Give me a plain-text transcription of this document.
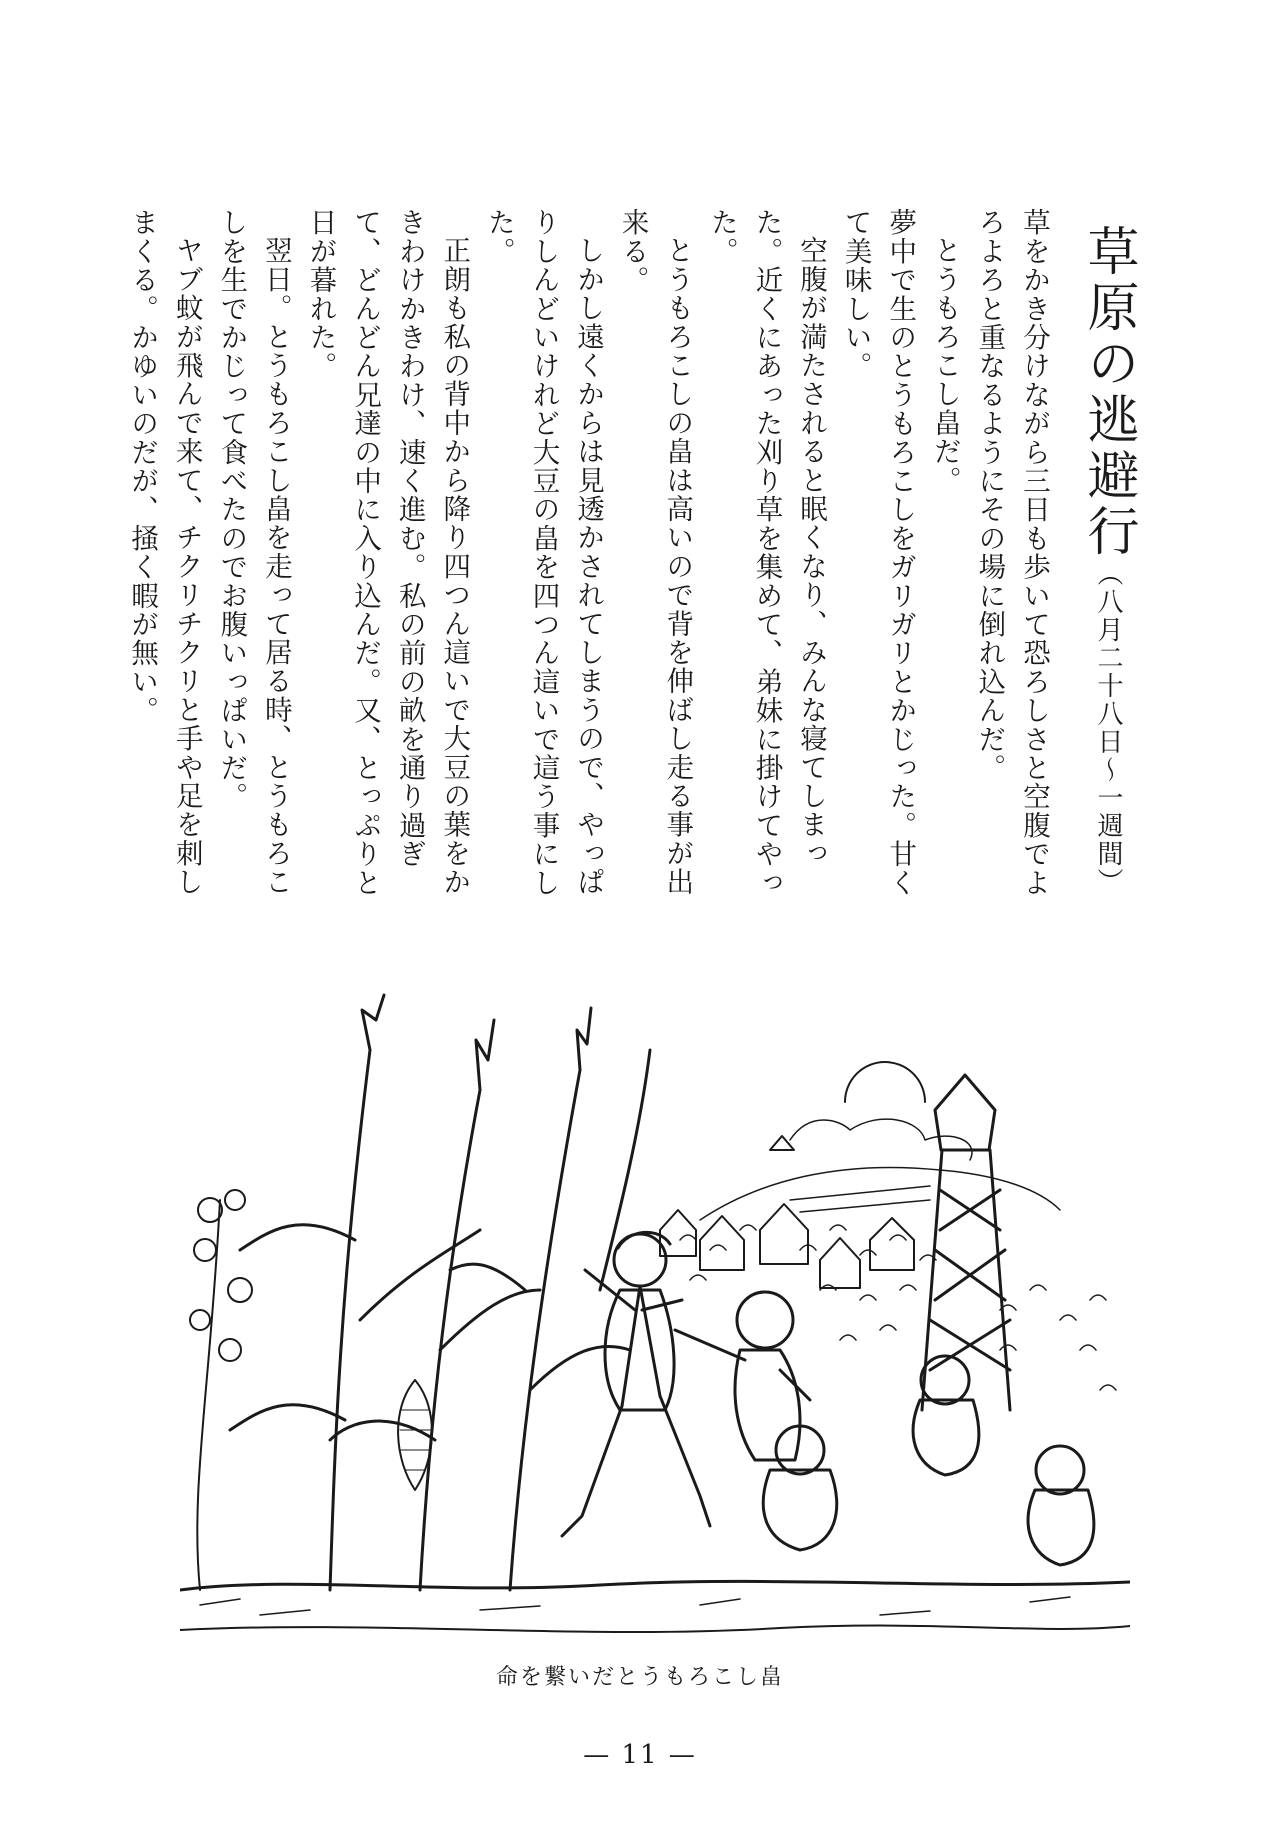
草原の逃避行（八月二十八日〜一週間）

草をかき分けながら三日も歩いて恐ろしさと空腹でよろよろと重なるようにその場に倒れ込んだ。

とうもろこし畠だ。

夢中で生のとうもろこしをガリガリとかじった。甘くて美味しい。

空腹が満たされると眠くなり、みんな寝てしまった。近くにあった刈り草を集めて、弟妹に掛けてやった。

とうもろこしの畠は高いので背を伸ばし走る事が出来る。

しかし遠くからは見透かされてしまうので、やっぱりしんどいけれど大豆の畠を四つん這いで這う事にした。

正朗も私の背中から降り四つん這いで大豆の葉をかきわけかきわけ、速く進む。私の前の畝を通り過ぎて、どんどん兄達の中に入り込んだ。又、とっぷりと日が暮れた。

翌日。とうもろこし畠を走って居る時、とうもろこしを生でかじって食べたのでお腹いっぱいだ。

ヤブ蚊が飛んで来て、チクリチクリと手や足を刺しまくる。かゆいのだが、掻く暇が無い。

命を繋いだとうもろこし畠
— 11 —
